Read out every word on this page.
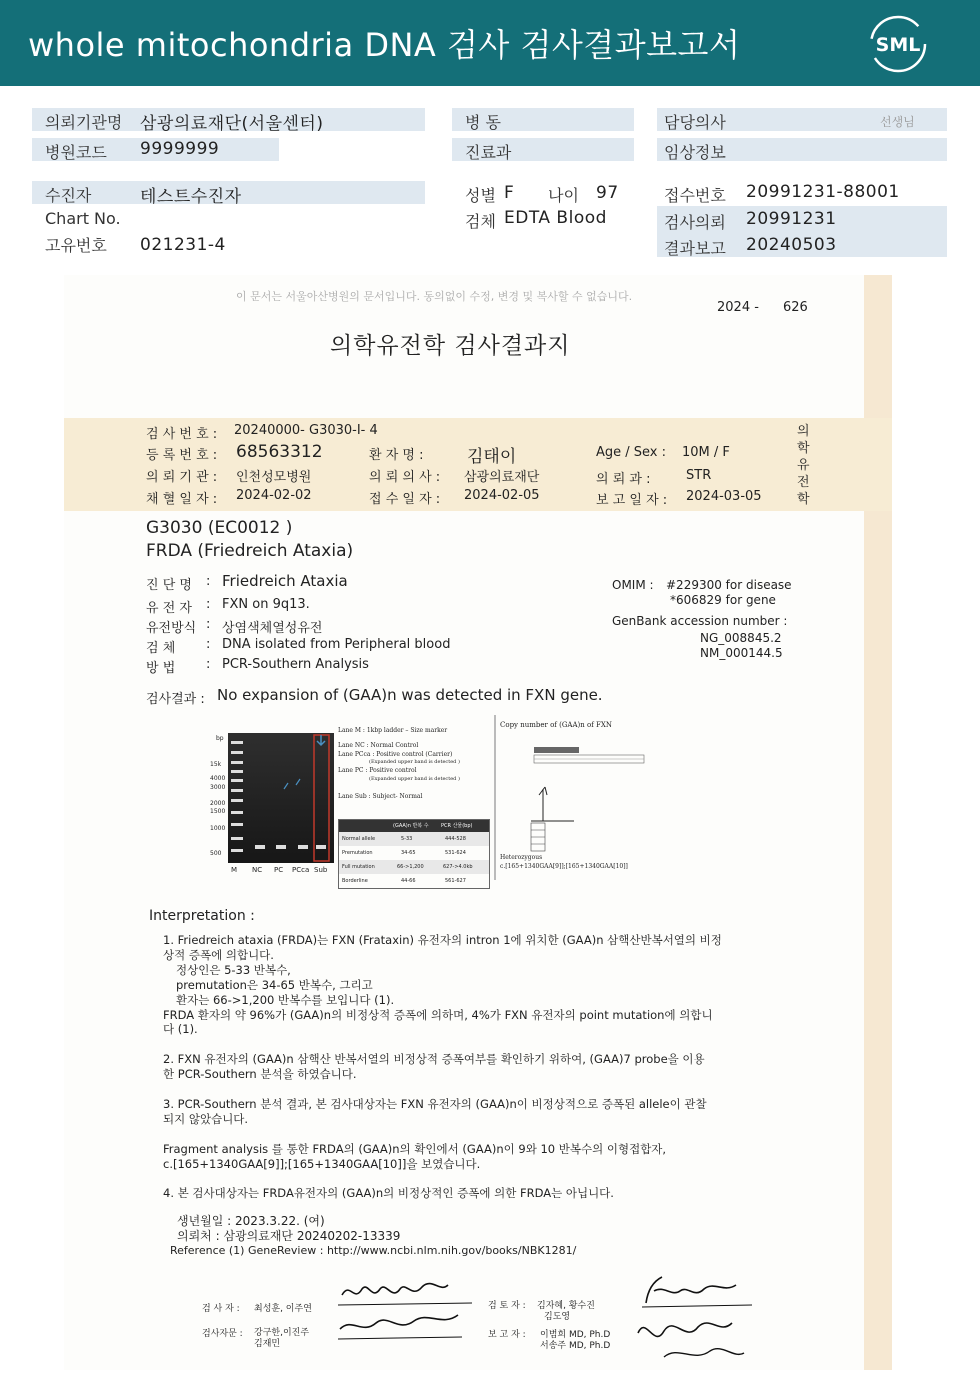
whole mitochondria DNA 검사 검사결과보고서	SML
의뢰기관명 삼광의료재단(서울센터)	병 동	담당의사	선생님
병원코드 9999999	진료과	임상정보
수진자	테스트수진자	성별 F 나이 97	접수번호 20991231-88001
Chart No.	검체 EDTA Blood	검사의뢰 20991231
고유번호 021231-4	결과보고 20240503
이 문서는 서울아산병원의 문서입니다. 동의없이 수정, 변경 및 복사할 수 없습니다.
2024 - 626
의학유전학 검사결과지
검 사 번 호 : 20240000- G3030-I- 4
등 록 번 호 : 68563312	환 자 명 :	김태이	Age / Sex : 10M / F
의 뢰 기 관 : 인천성모병원	의 뢰 의 사 : 삼광의료재단	의 뢰 과 :	STR
채 혈 일 자 : 2024-02-02	접 수 일 자 : 2024-02-05	보 고 일 자 : 2024-03-05
의학유전학
G3030 (EC0012 )
FRDA (Friedreich Ataxia)
진 단 명	: Friedreich Ataxia
유 전 자 : FXN on 9q13.
유전방식 : 상염색체열성유전
검 체 : DNA isolated from Peripheral blood
방 법 : PCR-Southern Analysis
OMIM : #229300 for disease
*606829 for gene
GenBank accession number :
NG_008845.2
NM_000144.5
검사결과 : No expansion of (GAA)n was detected in FXN gene.
bp
15k
4000
3000
2000
1500
1000
500
M NC PC PCca Sub
Lane M : 1kbp ladder – Size marker
Lane NC : Normal Control
Lane PCca : Positive control (Carrier)
(Expanded upper band is detected )
Lane PC : Positive control
(Expanded upper band is detected )
Lane Sub : Subject- Normal
(GAA)n 반복 수 PCR 산물(bp)
Normal allele	5-33	444-528
Premutation	34-65	531-624
Full mutation	66->1,200	627->4.0kb
Borderline	44-66	561-627
Copy number of (GAA)n of FXN
Heterozygous
c.[165+1340GAA[9]];[165+1340GAA[10]]
Interpretation :

1. Friedreich ataxia (FRDA)는 FXN (Frataxin) 유전자의 intron 1에 위치한 (GAA)n 삼핵산반복서열의 비정

상적 증폭에 의합니다.

정상인은 5-33 반복수,

premutation은 34-65 반복수, 그리고

환자는 66->1,200 반복수를 보입니다 (1).

FRDA 환자의 약 96%가 (GAA)n의 비정상적 증폭에 의하며, 4%가 FXN 유전자의 point mutation에 의합니

다 (1).

2. FXN 유전자의 (GAA)n 삼핵산 반복서열의 비정상적 증폭여부를 확인하기 위하여, (GAA)7 probe을 이용

한 PCR-Southern 분석을 하였습니다.

3. PCR-Southern 분석 결과, 본 검사대상자는 FXN 유전자의 (GAA)n이 비정상적으로 증폭된 allele이 관찰

되지 않았습니다.

Fragment analysis 를 통한 FRDA의 (GAA)n의 확인에서 (GAA)n이 9와 10 반복수의 이형접합자,

c.[165+1340GAA[9]];[165+1340GAA[10]]을 보였습니다.

4. 본 검사대상자는 FRDA유전자의 (GAA)n의 비정상적인 증폭에 의한 FRDA는 아닙니다.

생년월일 : 2023.3.22. (여)
의뢰처 : 삼광의료재단 20240202-13339
Reference (1) GeneReview : http://www.ncbi.nlm.nih.gov/books/NBK1281/
검 사 자 : 최성훈, 이주연
검사자문 : 강구한,이진주
김재민
검 토 자 : 김자혜, 황수진
김도영
보 고 자 : 이범희 MD, Ph.D
서송주 MD, Ph.D
